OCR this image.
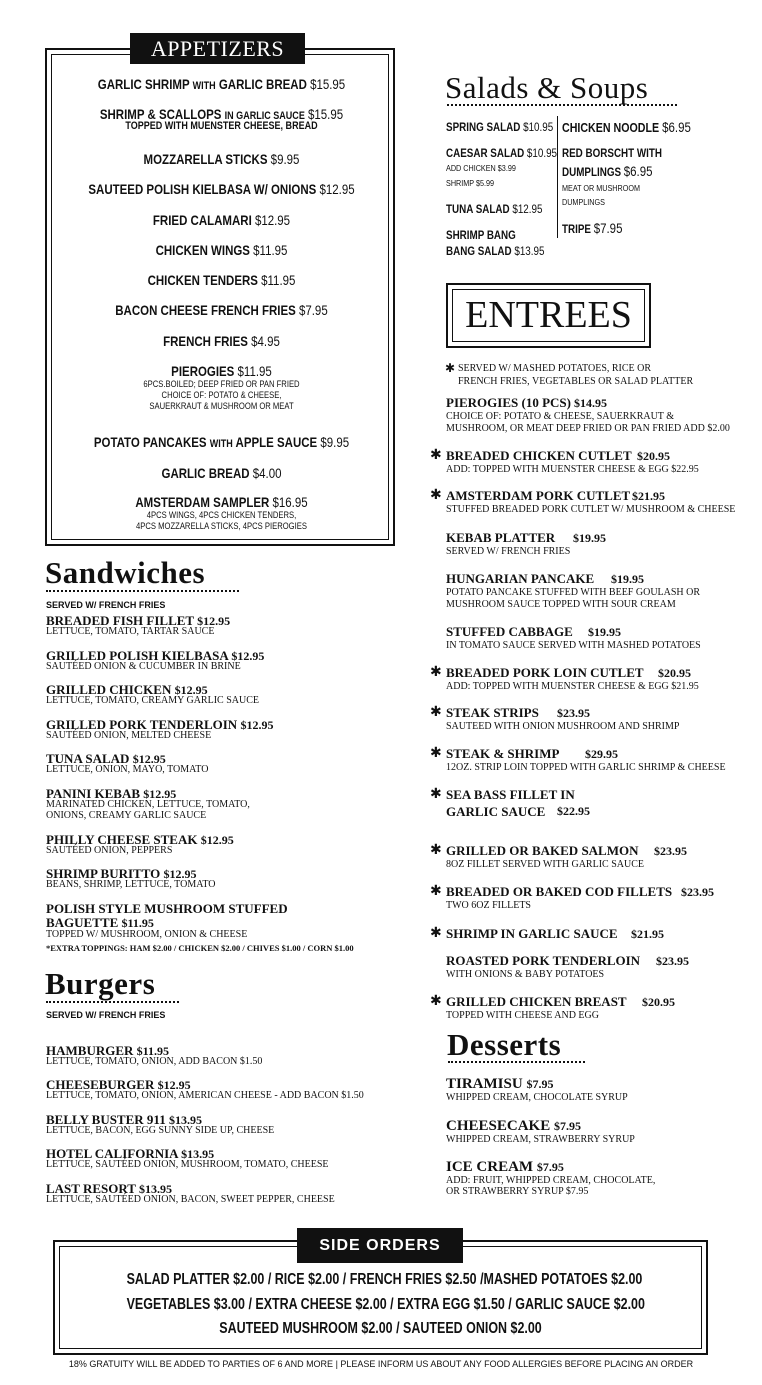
APPETIZERS
GARLIC SHRIMP WITH GARLIC BREAD $15.95
SHRIMP & SCALLOPS IN GARLIC SAUCE $15.95
TOPPED WITH MUENSTER CHEESE, BREAD
MOZZARELLA STICKS $9.95
SAUTEED POLISH KIELBASA W/ ONIONS $12.95
FRIED CALAMARI $12.95
CHICKEN WINGS $11.95
CHICKEN TENDERS $11.95
BACON CHEESE FRENCH FRIES $7.95
FRENCH FRIES $4.95
PIEROGIES $11.95
6PCS.BOILED; DEEP FRIED OR PAN FRIED
CHOICE OF: POTATO & CHEESE,
SAUERKRAUT & MUSHROOM OR MEAT
POTATO PANCAKES WITH APPLE SAUCE $9.95
GARLIC BREAD $4.00
AMSTERDAM SAMPLER $16.95
4PCS WINGS, 4PCS CHICKEN TENDERS,
4PCS MOZZARELLA STICKS, 4PCS PIEROGIES
Salads & Soups
SPRING SALAD $10.95
CAESAR SALAD $10.95
ADD CHICKEN $3.99
SHRIMP $5.99
TUNA SALAD $12.95
SHRIMP BANG
BANG SALAD $13.95
CHICKEN NOODLE $6.95
RED BORSCHT WITH
DUMPLINGS $6.95
MEAT OR MUSHROOM
DUMPLINGS
TRIPE $7.95
ENTREES
✱ SERVED W/ MASHED POTATOES, RICE OR
FRENCH FRIES, VEGETABLES OR SALAD PLATTER
PIEROGIES (10 PCS) $14.95
CHOICE OF: POTATO & CHEESE, SAUERKRAUT &
MUSHROOM, OR MEAT DEEP FRIED OR PAN FRIED ADD $2.00
✱ BREADED CHICKEN CUTLET $20.95
ADD: TOPPED WITH MUENSTER CHEESE & EGG $22.95
✱ AMSTERDAM PORK CUTLET $21.95
STUFFED BREADED PORK CUTLET W/ MUSHROOM & CHEESE
KEBAB PLATTER $19.95
SERVED W/ FRENCH FRIES
HUNGARIAN PANCAKE $19.95
POTATO PANCAKE STUFFED WITH BEEF GOULASH OR
MUSHROOM SAUCE TOPPED WITH SOUR CREAM
STUFFED CABBAGE $19.95
IN TOMATO SAUCE SERVED WITH MASHED POTATOES
✱ BREADED PORK LOIN CUTLET $20.95
ADD: TOPPED WITH MUENSTER CHEESE & EGG $21.95
✱ STEAK STRIPS $23.95
SAUTEED WITH ONION MUSHROOM AND SHRIMP
✱ STEAK & SHRIMP $29.95
12OZ. STRIP LOIN TOPPED WITH GARLIC SHRIMP & CHEESE
✱ SEA BASS FILLET IN
GARLIC SAUCE $22.95
✱ GRILLED OR BAKED SALMON $23.95
8OZ FILLET SERVED WITH GARLIC SAUCE
✱ BREADED OR BAKED COD FILLETS $23.95
TWO 6OZ FILLETS
✱ SHRIMP IN GARLIC SAUCE $21.95
ROASTED PORK TENDERLOIN $23.95
WITH ONIONS & BABY POTATOES
✱ GRILLED CHICKEN BREAST $20.95
TOPPED WITH CHEESE AND EGG
Sandwiches
SERVED W/ FRENCH FRIES
BREADED FISH FILLET $12.95
LETTUCE, TOMATO, TARTAR SAUCE
GRILLED POLISH KIELBASA $12.95
SAUTÉED ONION & CUCUMBER IN BRINE
GRILLED CHICKEN $12.95
LETTUCE, TOMATO, CREAMY GARLIC SAUCE
GRILLED PORK TENDERLOIN $12.95
SAUTÉED ONION, MELTED CHEESE
TUNA SALAD $12.95
LETTUCE, ONION, MAYO, TOMATO
PANINI KEBAB $12.95
MARINATED CHICKEN, LETTUCE, TOMATO,
ONIONS, CREAMY GARLIC SAUCE
PHILLY CHEESE STEAK $12.95
SAUTÉED ONION, PEPPERS
SHRIMP BURITTO $12.95
BEANS, SHRIMP, LETTUCE, TOMATO
POLISH STYLE MUSHROOM STUFFED
BAGUETTE $11.95
TOPPED W/ MUSHROOM, ONION & CHEESE
*EXTRA TOPPINGS: HAM $2.00 / CHICKEN $2.00 / CHIVES $1.00 / CORN $1.00
Burgers
SERVED W/ FRENCH FRIES
HAMBURGER $11.95
LETTUCE, TOMATO, ONION, ADD BACON $1.50
CHEESEBURGER $12.95
LETTUCE, TOMATO, ONION, AMERICAN CHEESE - ADD BACON $1.50
BELLY BUSTER 911 $13.95
LETTUCE, BACON, EGG SUNNY SIDE UP, CHEESE
HOTEL CALIFORNIA $13.95
LETTUCE, SAUTÉED ONION, MUSHROOM, TOMATO, CHEESE
LAST RESORT $13.95
LETTUCE, SAUTÉED ONION, BACON, SWEET PEPPER, CHEESE
Desserts
TIRAMISU $7.95
WHIPPED CREAM, CHOCOLATE SYRUP
CHEESECAKE $7.95
WHIPPED CREAM, STRAWBERRY SYRUP
ICE CREAM $7.95
ADD: FRUIT, WHIPPED CREAM, CHOCOLATE,
OR STRAWBERRY SYRUP $7.95
SIDE ORDERS
SALAD PLATTER $2.00 / RICE $2.00 / FRENCH FRIES $2.50 /MASHED POTATOES $2.00
VEGETABLES $3.00 / EXTRA CHEESE $2.00 / EXTRA EGG $1.50 / GARLIC SAUCE $2.00
SAUTEED MUSHROOM $2.00 / SAUTEED ONION $2.00
18% GRATUITY WILL BE ADDED TO PARTIES OF 6 AND MORE | PLEASE INFORM US ABOUT ANY FOOD ALLERGIES BEFORE PLACING AN ORDER
